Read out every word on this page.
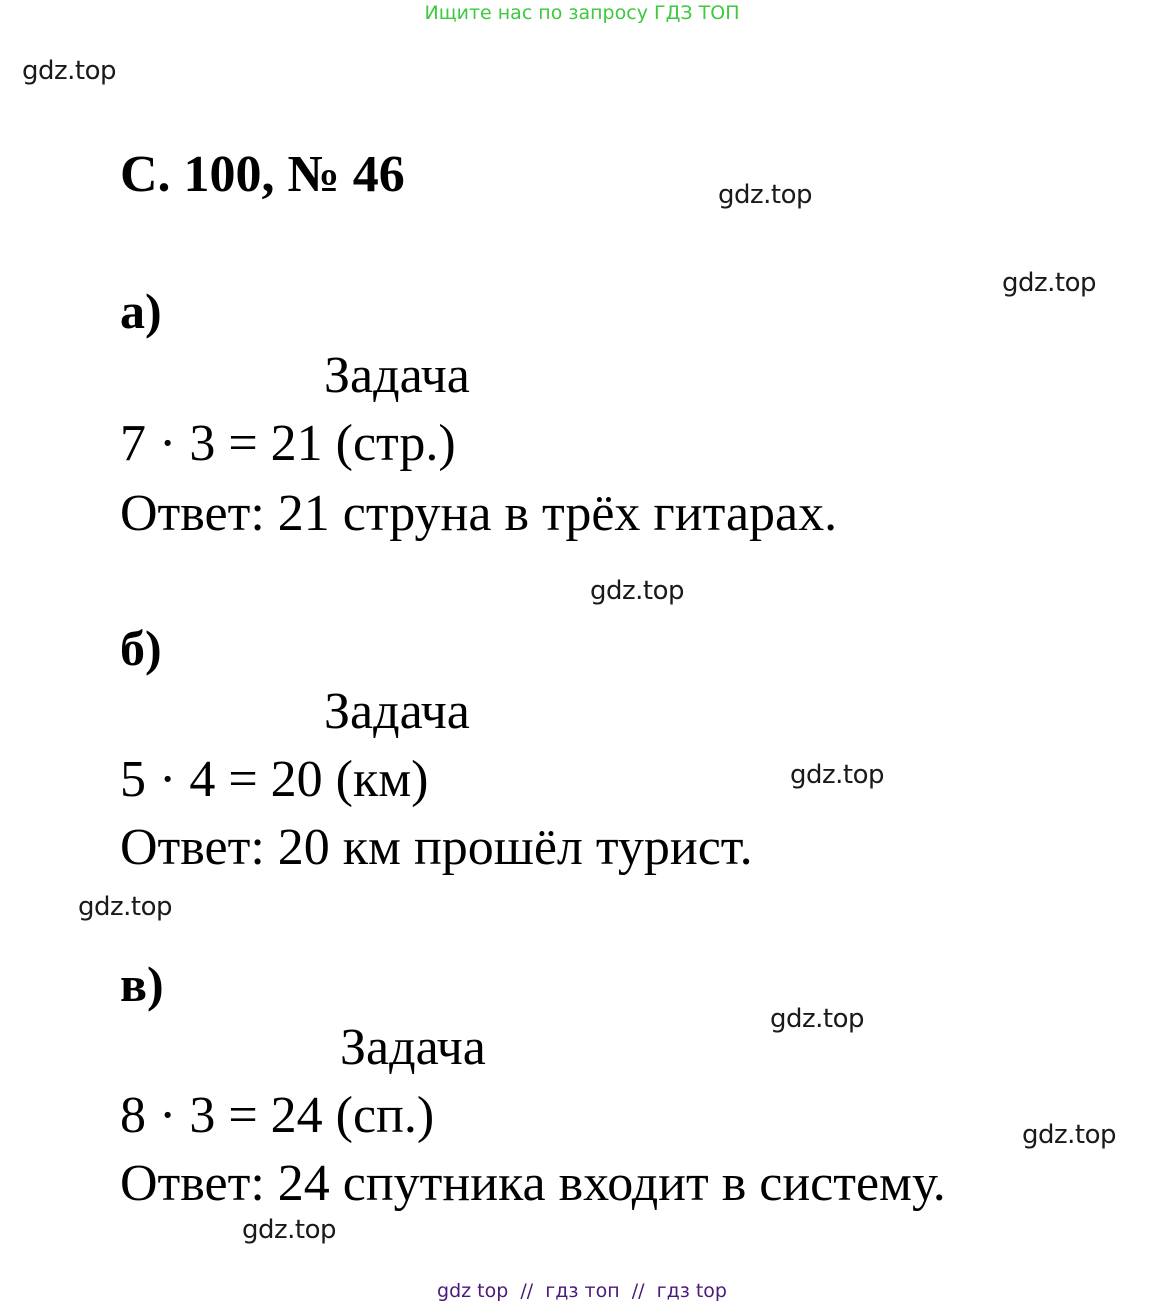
Ищите нас по запросу ГДЗ ТОП
gdz.top
gdz.top
gdz.top
gdz.top
gdz.top
gdz.top
gdz.top
gdz.top
gdz.top
С. 100, № 46
а)
Задача
7 · 3 = 21 (стр.)
Ответ: 21 струна в трёх гитарах.
б)
Задача
5 · 4 = 20 (км)
Ответ: 20 км прошёл турист.
в)
Задача
8 · 3 = 24 (сп.)
Ответ: 24 спутника входит в систему.
gdz top  //  гдз топ  //  гдз top
